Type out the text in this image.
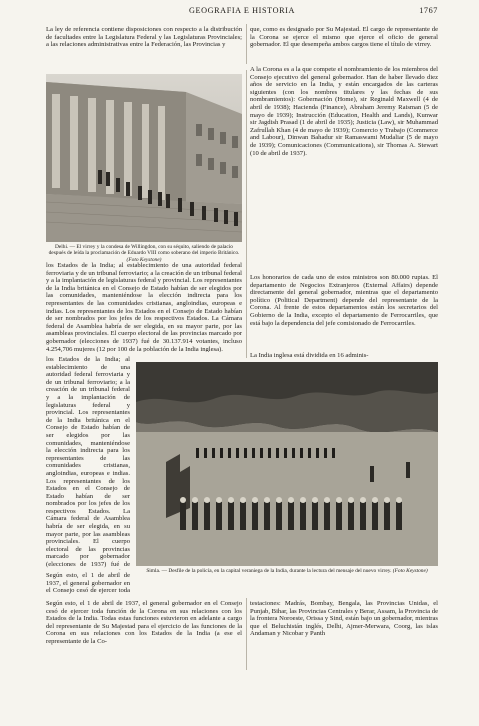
GEOGRAFIA E HISTORIA	1767

La ley de referencia contiene disposiciones con respecto a la distribución de facultades entre la Legislatura Federal y las Legislaturas Provinciales; a las relaciones administrativas entre la Federación, las Provincias y

que, como es designado por Su Majestad. El cargo de representante de la Corona se ejerce el mismo que ejerce el oficio de general gobernador. El que desempeña ambos cargos tiene el título de virrey.

Delhi. — El virrey y la condesa de Willingdon, con su séquito, saliendo de palacio después de leída la proclamación de Eduardo VIII como soberano del imperio Británico. (Foto Keystone)

A la Corona es a la que compete el nombramiento de los miembros del Consejo ejecutivo del general gobernador. Han de haber llevado diez años de servicio en la India, y están encargados de las carteras siguientes (con los nombres titulares y las fechas de sus nombramientos): Gobernación (Home), sir Reginald Maxwell (4 de abril de 1938); Hacienda (Finance), Abraham Jeremy Raisman (5 de mayo de 1939); Instrucción (Education, Health and Lands), Kunwar sir Jagdish Prasad (1 de abril de 1935); Justicia (Law), sir Muhammad Zafrullah Khan (4 de mayo de 1939); Comercio y Trabajo (Commerce and Labour), Dinwan Bahadur sir Ramaswami Mudaliar (5 de mayo de 1939); Comunicaciones (Communications), sir Thomas A. Stewart (10 de abril de 1937).

Los honorarios de cada uno de estos ministros son 80.000 rupias. El departamento de Negocios Extranjeros (External Affairs) depende directamente del general gobernador, mientras que el departamento político (Political Department) depende del representante de la Corona. Al frente de estos departamentos están los secretarios del Gobierno de la India, excepto el departamento de Ferrocarriles, que está bajo la dependencia del jefe comisionado de Ferrocarriles.

La India inglesa está dividida en 16 adminis-

los Estados de la India; al establecimiento de una autoridad federal ferroviaria y de un tribunal ferroviario; a la creación de un tribunal federal y a la implantación de legislaturas federal y provincial. Los representantes de la India británica en el Consejo de Estado habían de ser elegidos por las comunidades, manteniéndose la elección indirecta para los representantes de las comunidades cristianas, angloindias, europeas e indias. Los representantes de los Estados en el Consejo de Estado habían de ser nombrados por los jefes de los respectivos Estados. La Cámara federal de Asamblea habría de ser elegida, en su mayor parte, por las asambleas provinciales. El cuerpo electoral de las provincias marcado por gobernador (elecciones de 1937) fué de 30.137.914 votantes, incluso 4.254,706 mujeres (12 por 100 de la población de la India inglesa).

los Estados de la India; al establecimiento de una autoridad federal ferroviaria y de un tribunal ferroviario; a la creación de un tribunal federal y a la implantación de legislaturas federal y provincial. Los representantes de la India británica en el Consejo de Estado habían de ser elegidos por las comunidades, manteniéndose la elección indirecta para los representantes de las comunidades cristianas, angloindias, europeas e indias. Los representantes de los Estados en el Consejo de Estado habían de ser nombrados por los jefes de los respectivos Estados. La Cámara federal de Asamblea habría de ser elegida, en su mayor parte, por las asambleas provinciales. El cuerpo electoral de las provincias marcado por gobernador (elecciones de 1937) fué de

Simla. — Desfile de la policía, en la capital veraniega de la India, durante la lectura del mensaje del nuevo virrey. (Foto Keystone)

Según esto, el 1 de abril de 1937, el general gobernador en el Consejo cesó de ejercer toda

Según esto, el 1 de abril de 1937, el general gobernador en el Consejo cesó de ejercer toda función de la Corona en sus relaciones con los Estados de la India. Todas estas funciones estuvieron en adelante a cargo del representante de Su Majestad para el ejercicio de las funciones de la Corona en sus relaciones con los Estados de la India (a ese el representante de la Co-

testaciones: Madrás, Bombay, Bengala, las Provincias Unidas, el Punjab, Bihar, las Provincias Centrales y Berar, Assam, la Provincia de la frontera Noroeste, Orissa y Sind, están bajo un gobernador, mientras que el Beluchistán inglés, Delhi, Ajmer-Merwara, Coorg, las islas Andaman y Nicobar y Panth
